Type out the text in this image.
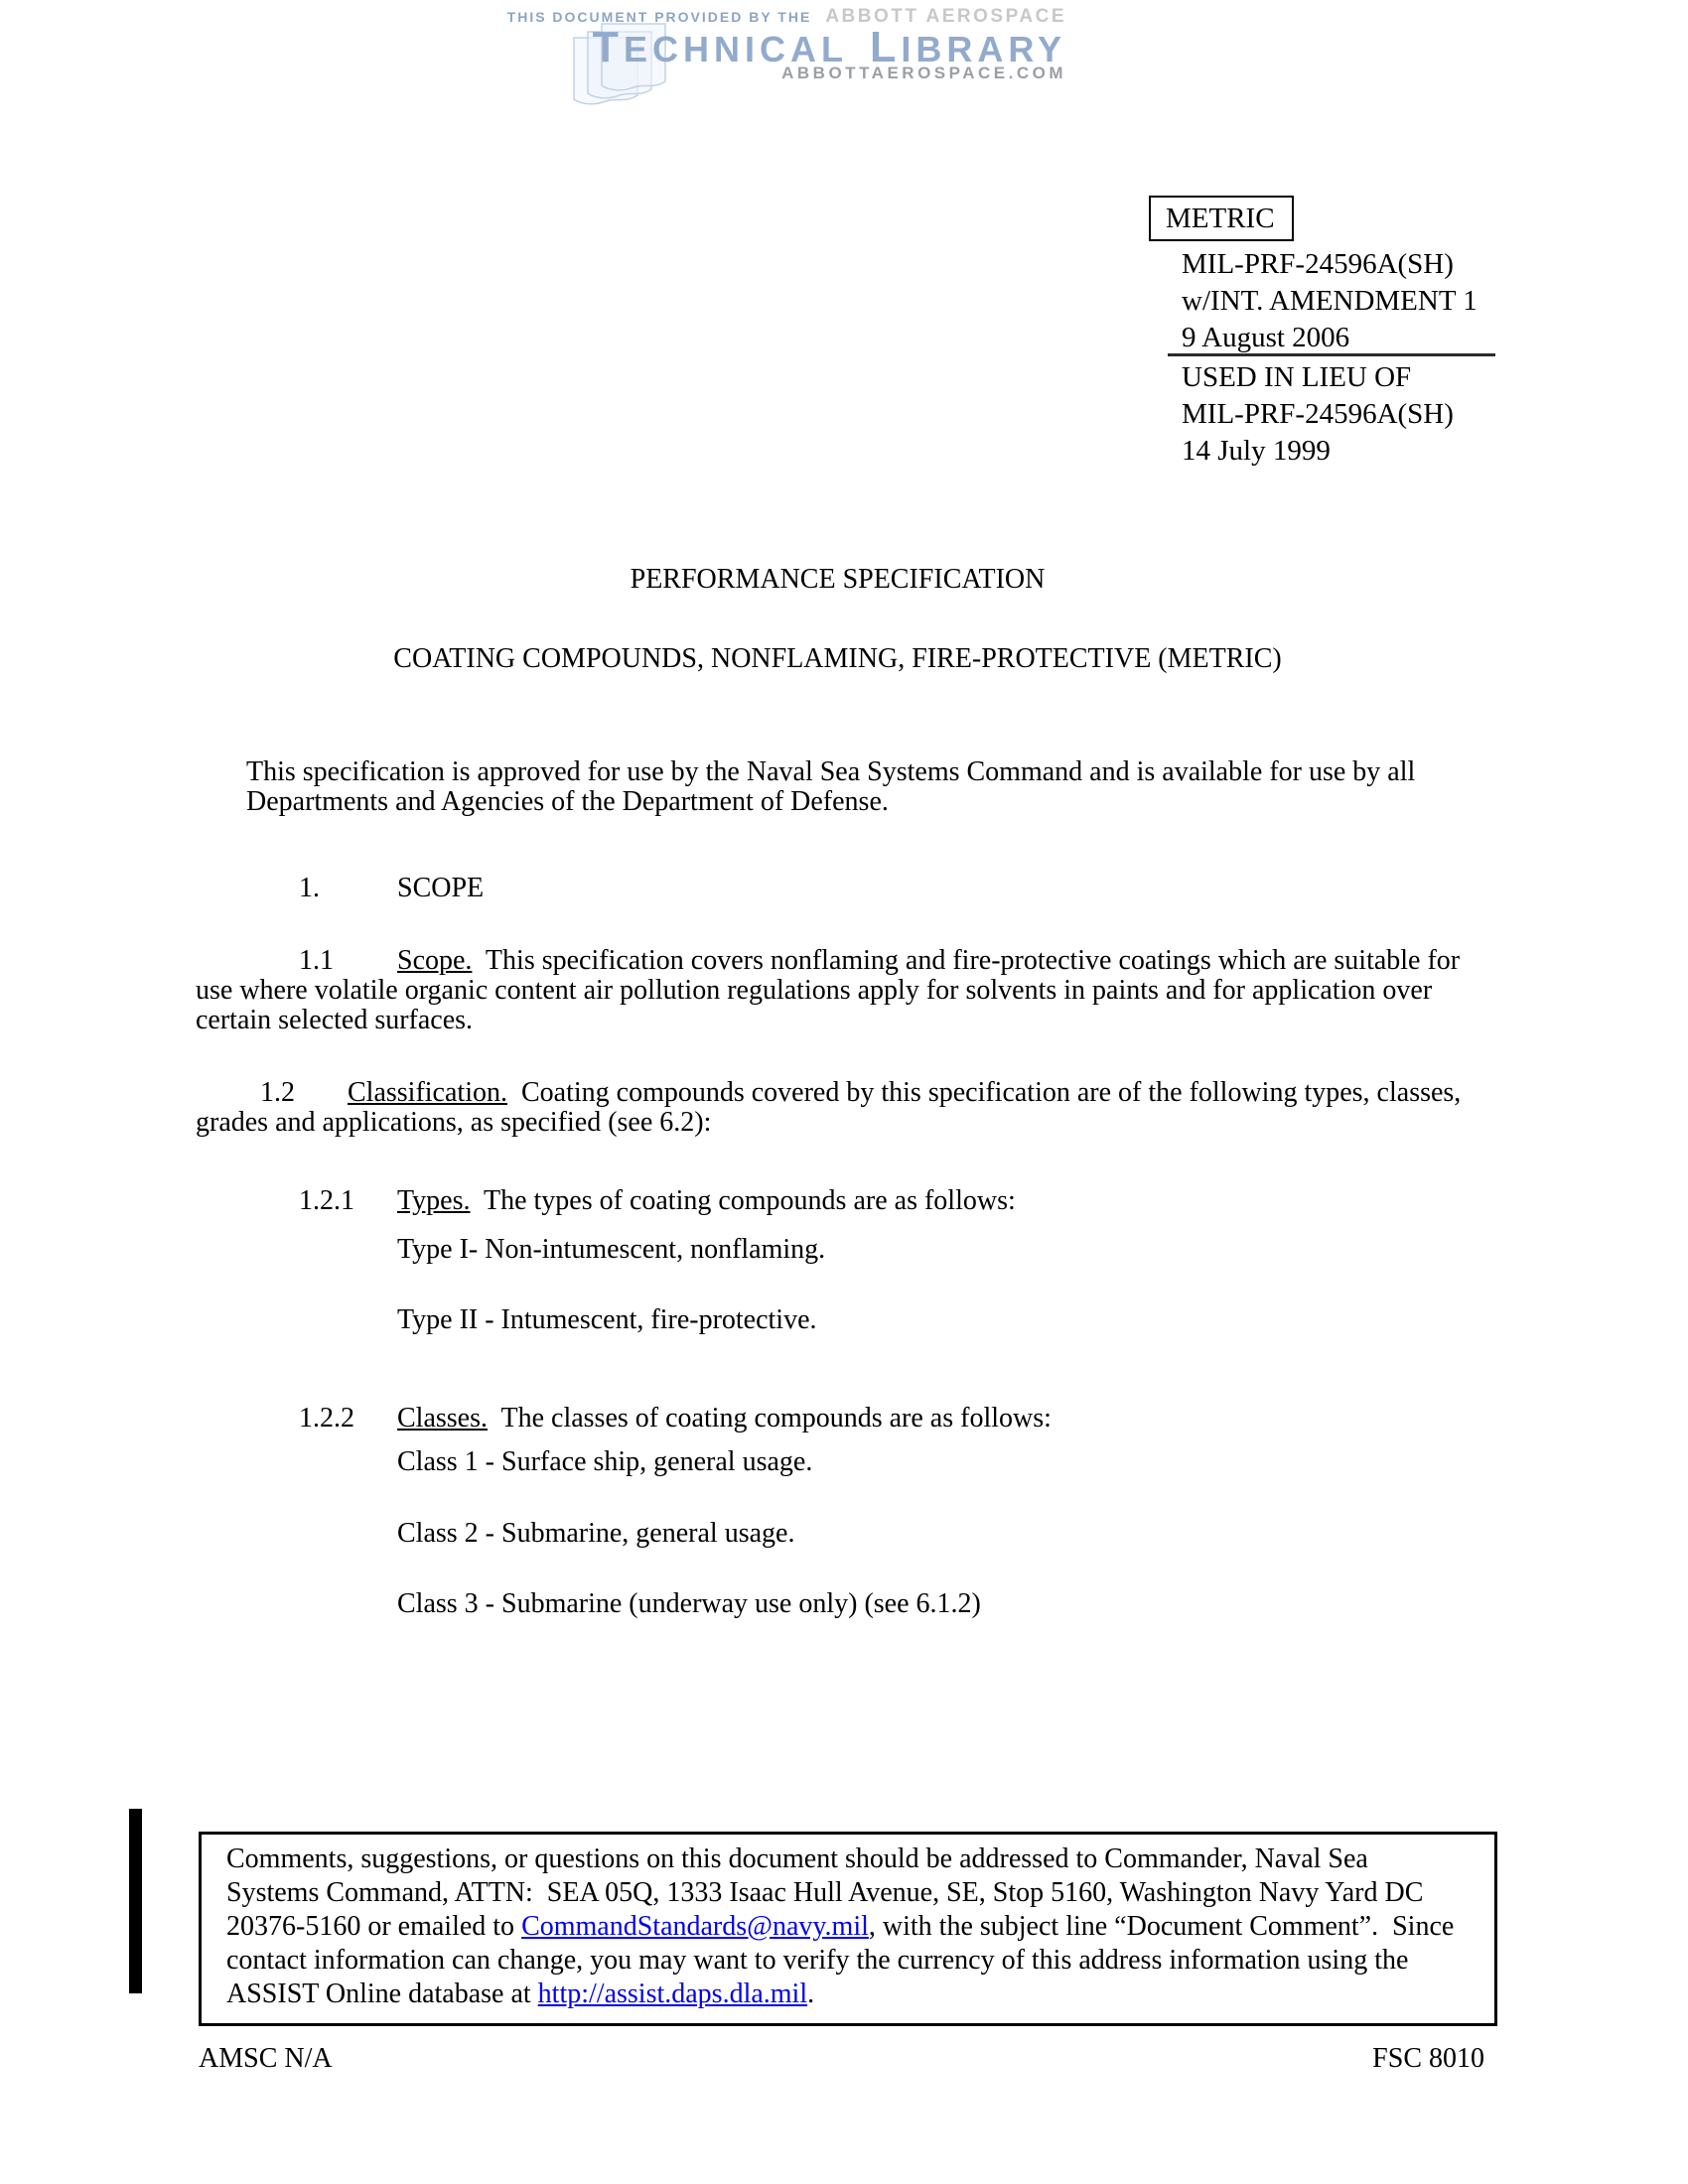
THIS DOCUMENT PROVIDED BY THE ABBOTT AEROSPACE
TECHNICAL LIBRARY
ABBOTTAEROSPACE.COM
METRIC
MIL-PRF-24596A(SH)
w/INT. AMENDMENT 1
9 August 2006
USED IN LIEU OF
MIL-PRF-24596A(SH)
14 July 1999
PERFORMANCE SPECIFICATION
COATING COMPOUNDS, NONFLAMING, FIRE-PROTECTIVE (METRIC)

This specification is approved for use by the Naval Sea Systems Command and is available for use by all Departments and Agencies of the Department of Defense.

1.	SCOPE

1.1 Scope.  This specification covers nonflaming and fire-protective coatings which are suitable for use where volatile organic content air pollution regulations apply for solvents in paints and for application over certain selected surfaces.

1.2 Classification.  Coating compounds covered by this specification are of the following types, classes, grades and applications, as specified (see 6.2):

1.2.1 Types.  The types of coating compounds are as follows:

Type I- Non-intumescent, nonflaming.
Type II - Intumescent, fire-protective.

1.2.2 Classes.  The classes of coating compounds are as follows:

Class 1 - Surface ship, general usage.
Class 2 - Submarine, general usage.
Class 3 - Submarine (underway use only) (see 6.1.2)

Comments, suggestions, or questions on this document should be addressed to Commander, Naval Sea Systems Command, ATTN:  SEA 05Q, 1333 Isaac Hull Avenue, SE, Stop 5160, Washington Navy Yard DC  20376-5160 or emailed to CommandStandards@navy.mil, with the subject line “Document Comment”.  Since contact information can change, you may want to verify the currency of this address information using the ASSIST Online database at http://assist.daps.dla.mil.

AMSC N/A	FSC 8010
